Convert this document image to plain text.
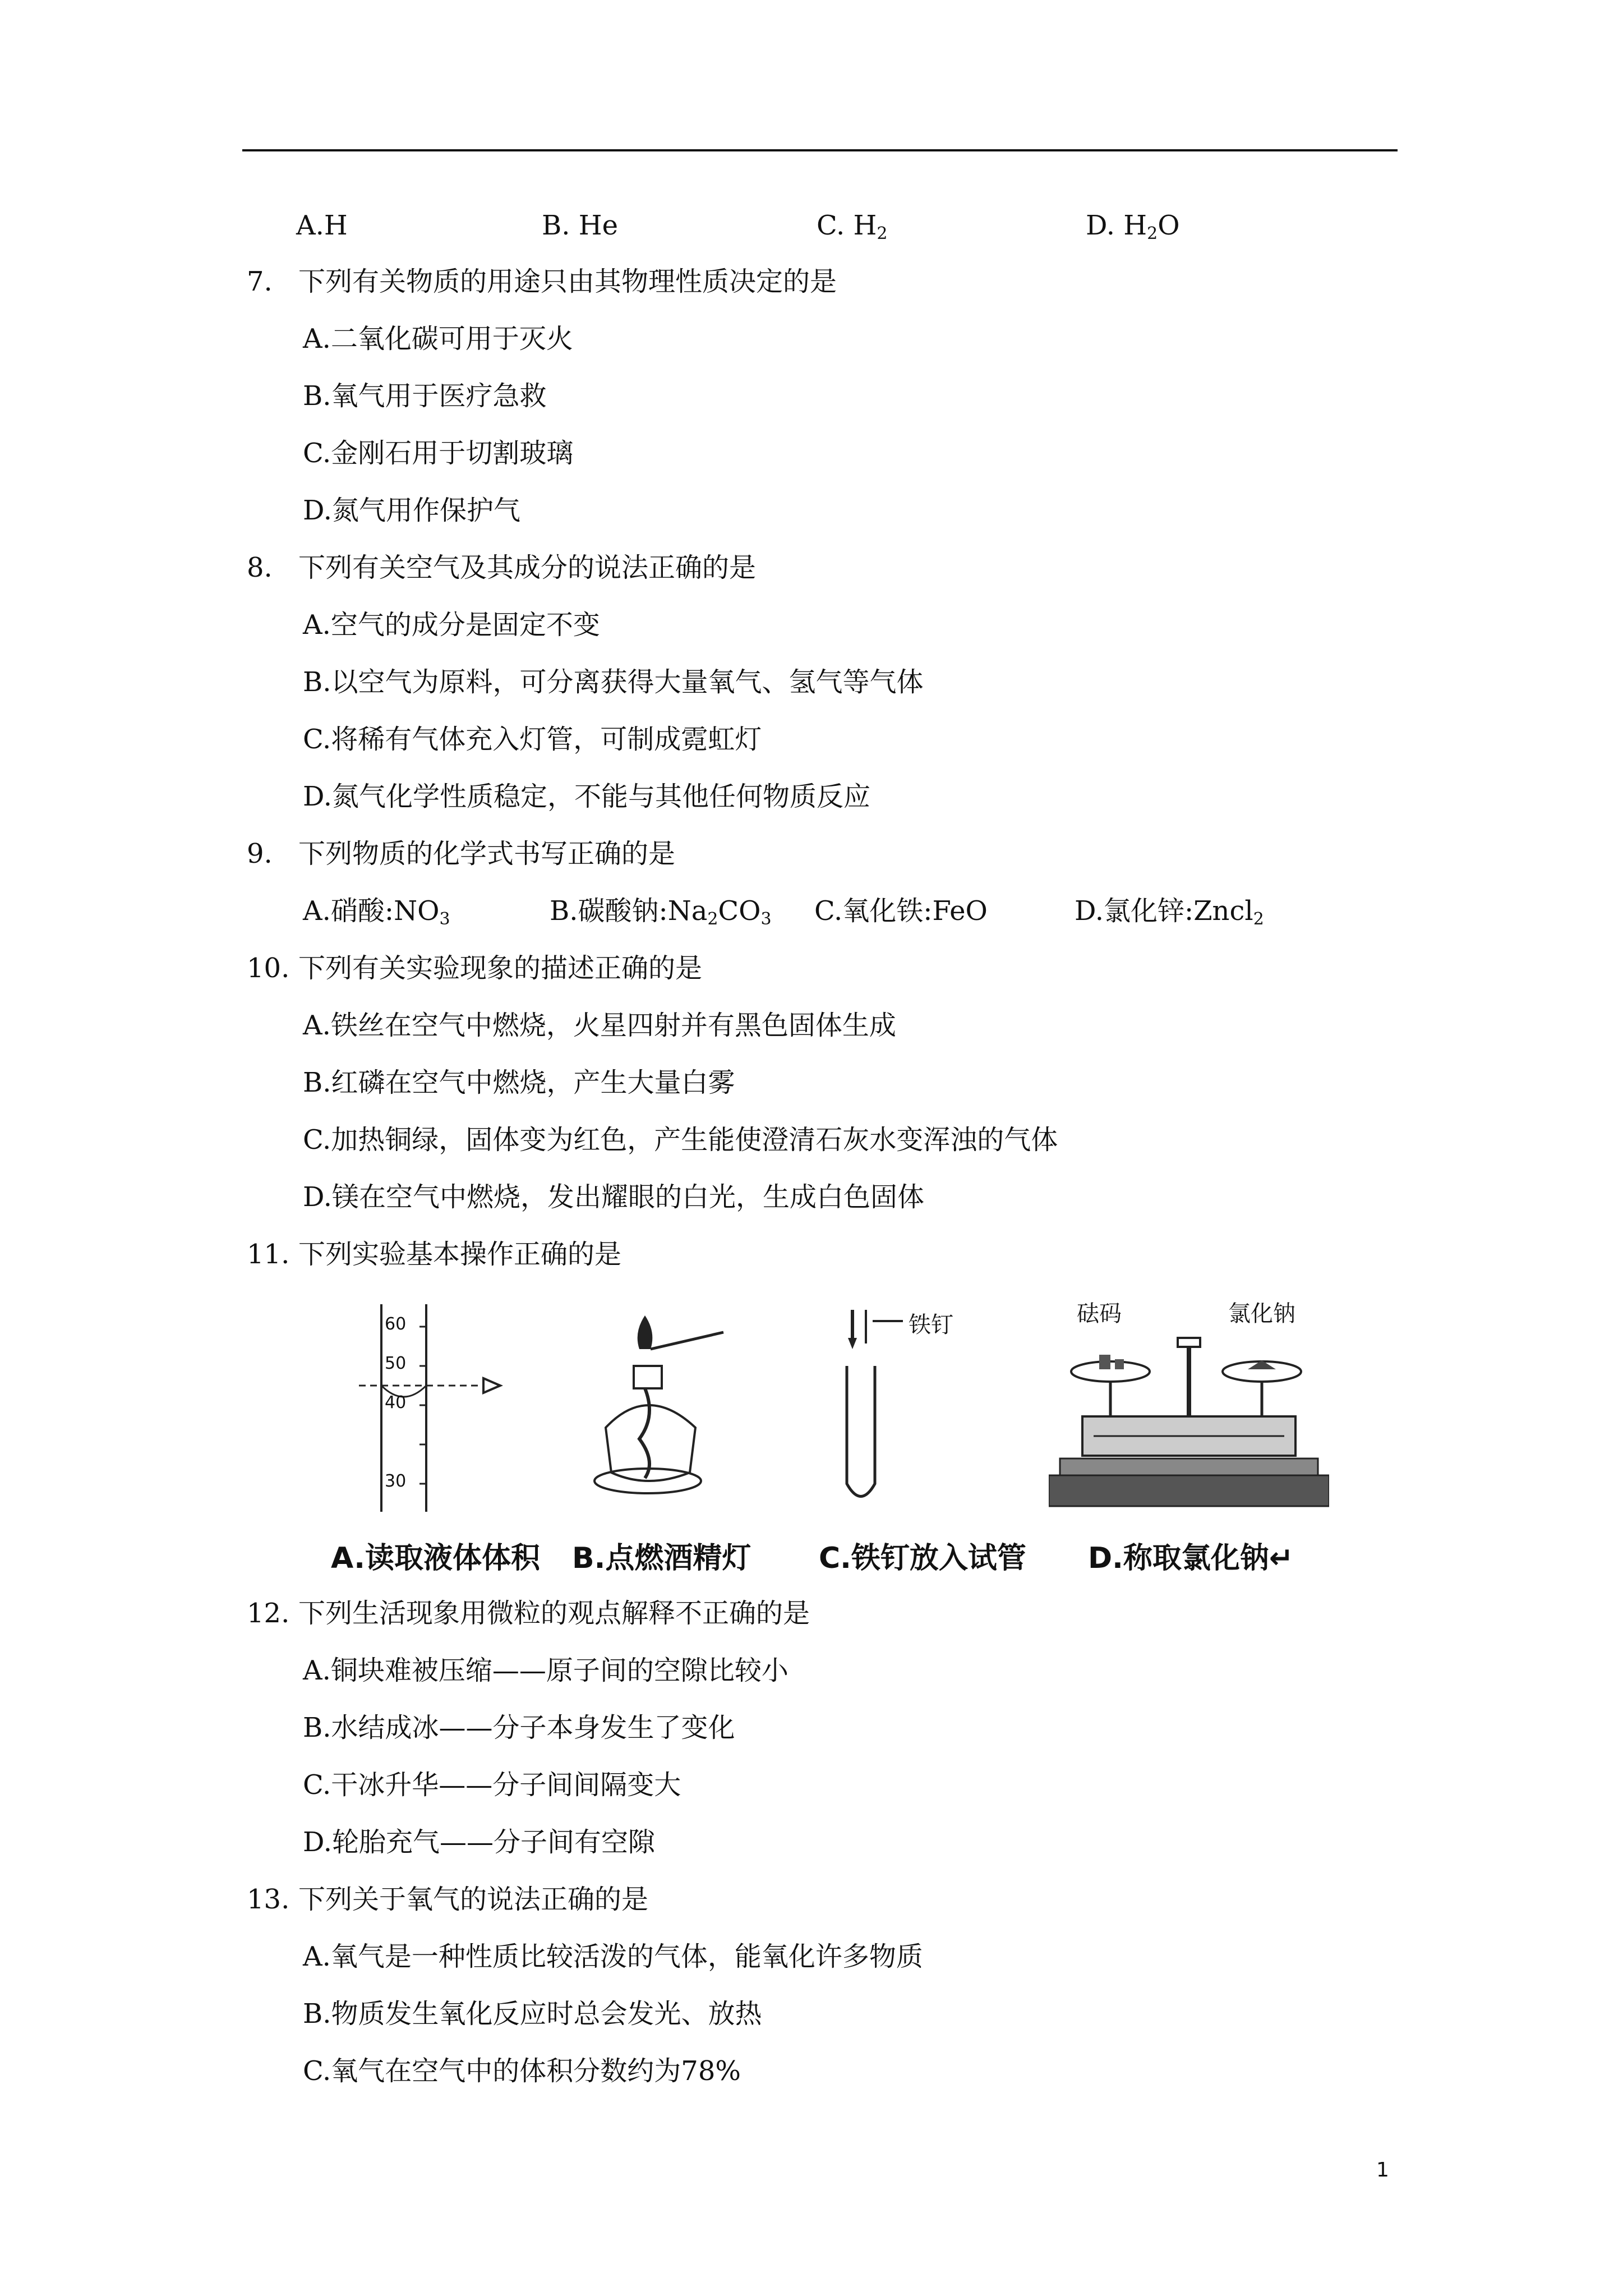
A.H	B. He	C. $H_2$	D. $H_2O$
7. 下列有关物质的用途只由其物理性质决定的是
A.二氧化碳可用于灭火
B.氧气用于医疗急救
C.金刚石用于切割玻璃
D.氮气用作保护气
8. 下列有关空气及其成分的说法正确的是
A.空气的成分是固定不变
B.以空气为原料，可分离获得大量氧气、氢气等气体
C.将稀有气体充入灯管，可制成霓虹灯
D.氮气化学性质稳定，不能与其他任何物质反应
9. 下列物质的化学式书写正确的是
A.硝酸$:NO_3$	B.碳酸钠$:Na_2CO_3$ C.氧化铁:FeO	D.氯化锌:Zncl$_2$
10. 下列有关实验现象的描述正确的是
A.铁丝在空气中燃烧，火星四射并有黑色固体生成
B.红磷在空气中燃烧，产生大量白雾
C.加热铜绿，固体变为红色，产生能使澄清石灰水变浑浊的气体
D.镁在空气中燃烧，发出耀眼的白光，生成白色固体
11. 下列实验基本操作正确的是
60
50
40
30
铁钉	砝码	氯化钠
A.读取液体体积 B.点燃酒精灯 C.铁钉放入试管 D.称取氯化钠↵
12. 下列生活现象用微粒的观点解释不正确的是
A.铜块难被压缩——原子间的空隙比较小
B.水结成冰——分子本身发生了变化
C.干冰升华——分子间间隔变大
D.轮胎充气——分子间有空隙
13. 下列关于氧气的说法正确的是
A.氧气是一种性质比较活泼的气体，能氧化许多物质
B.物质发生氧化反应时总会发光、放热
C.氧气在空气中的体积分数约为78%
1
